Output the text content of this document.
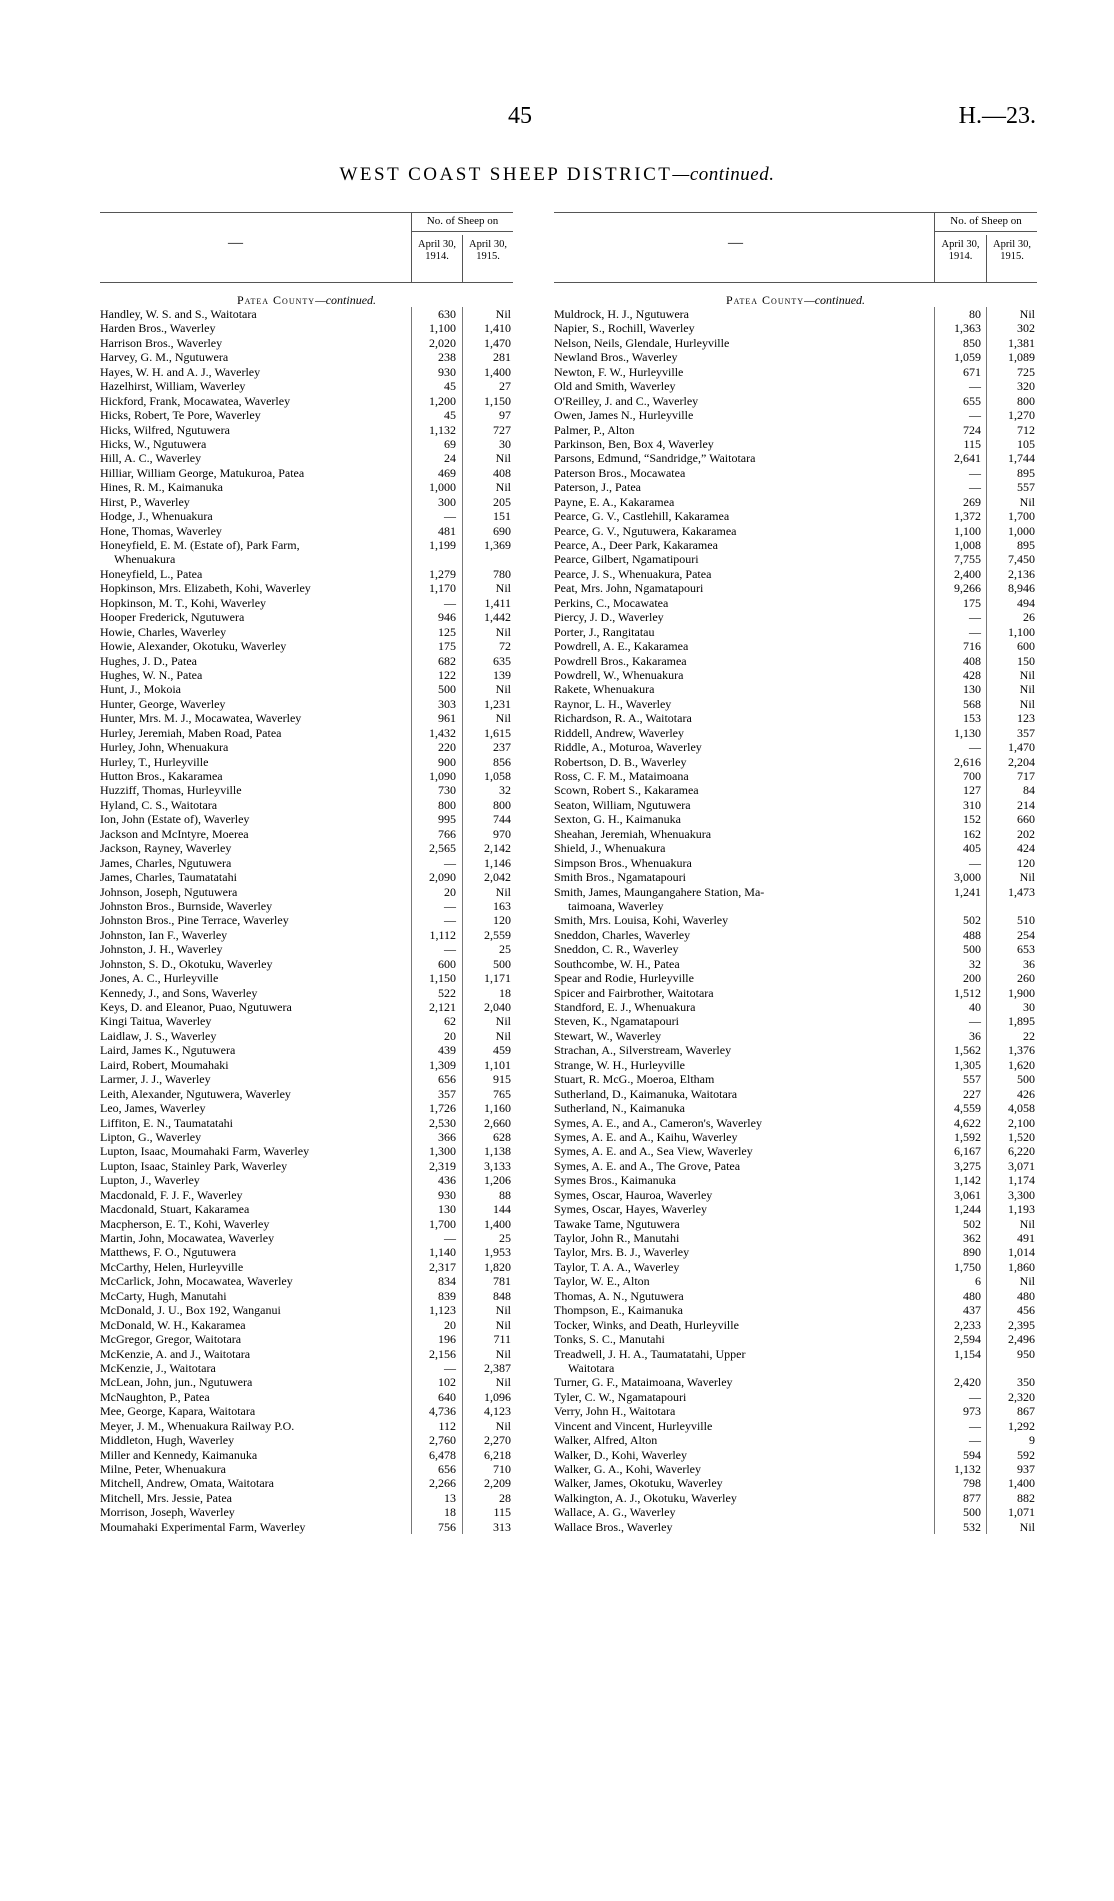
45	H.—23.
WEST COAST SHEEP DISTRICT—continued.
—
No. of Sheep on
April 30,
1914.
April 30,
1915.
Patea County—continued.
Handley, W. S. and S., Waitotara	630	Nil
Harden Bros., Waverley	1,100 1,410
Harrison Bros., Waverley	2,020 1,470
Harvey, G. M., Ngutuwera	238	281
Hayes, W. H. and A. J., Waverley	930 1,400
Hazelhirst, William, Waverley	45	27
Hickford, Frank, Mocawatea, Waverley	1,200 1,150
Hicks, Robert, Te Pore, Waverley	45	97
Hicks, Wilfred, Ngutuwera	1,132	727
Hicks, W., Ngutuwera	69	30
Hill, A. C., Waverley	24	Nil
Hilliar, William George, Matukuroa, Patea	469	408
Hines, R. M., Kaimanuka	1,000	Nil
Hirst, P., Waverley	300	205
Hodge, J., Whenuakura	—	151
Hone, Thomas, Waverley	481	690
Honeyfield, E. M. (Estate of), Park Farm,	1,199 1,369
Whenuakura
Honeyfield, L., Patea	1,279	780
Hopkinson, Mrs. Elizabeth, Kohi, Waverley	1,170	Nil
Hopkinson, M. T., Kohi, Waverley	— 1,411
Hooper Frederick, Ngutuwera	946 1,442
Howie, Charles, Waverley	125	Nil
Howie, Alexander, Okotuku, Waverley	175	72
Hughes, J. D., Patea	682	635
Hughes, W. N., Patea	122	139
Hunt, J., Mokoia	500	Nil
Hunter, George, Waverley	303 1,231
Hunter, Mrs. M. J., Mocawatea, Waverley	961	Nil
Hurley, Jeremiah, Maben Road, Patea	1,432 1,615
Hurley, John, Whenuakura	220	237
Hurley, T., Hurleyville	900	856
Hutton Bros., Kakaramea	1,090 1,058
Huzziff, Thomas, Hurleyville	730	32
Hyland, C. S., Waitotara	800	800
Ion, John (Estate of), Waverley	995	744
Jackson and McIntyre, Moerea	766	970
Jackson, Rayney, Waverley	2,565 2,142
James, Charles, Ngutuwera	— 1,146
James, Charles, Taumatatahi	2,090 2,042
Johnson, Joseph, Ngutuwera	20	Nil
Johnston Bros., Burnside, Waverley	—	163
Johnston Bros., Pine Terrace, Waverley	—	120
Johnston, Ian F., Waverley	1,112 2,559
Johnston, J. H., Waverley	—	25
Johnston, S. D., Okotuku, Waverley	600	500
Jones, A. C., Hurleyville	1,150 1,171
Kennedy, J., and Sons, Waverley	522	18
Keys, D. and Eleanor, Puao, Ngutuwera	2,121 2,040
Kingi Taitua, Waverley	62	Nil
Laidlaw, J. S., Waverley	20	Nil
Laird, James K., Ngutuwera	439	459
Laird, Robert, Moumahaki	1,309 1,101
Larmer, J. J., Waverley	656	915
Leith, Alexander, Ngutuwera, Waverley	357	765
Leo, James, Waverley	1,726 1,160
Liffiton, E. N., Taumatatahi	2,530 2,660
Lipton, G., Waverley	366	628
Lupton, Isaac, Moumahaki Farm, Waverley	1,300 1,138
Lupton, Isaac, Stainley Park, Waverley	2,319 3,133
Lupton, J., Waverley	436 1,206
Macdonald, F. J. F., Waverley	930	88
Macdonald, Stuart, Kakaramea	130	144
Macpherson, E. T., Kohi, Waverley	1,700 1,400
Martin, John, Mocawatea, Waverley	—	25
Matthews, F. O., Ngutuwera	1,140 1,953
McCarthy, Helen, Hurleyville	2,317 1,820
McCarlick, John, Mocawatea, Waverley	834	781
McCarty, Hugh, Manutahi	839	848
McDonald, J. U., Box 192, Wanganui	1,123	Nil
McDonald, W. H., Kakaramea	20	Nil
McGregor, Gregor, Waitotara	196	711
McKenzie, A. and J., Waitotara	2,156	Nil
McKenzie, J., Waitotara	— 2,387
McLean, John, jun., Ngutuwera	102	Nil
McNaughton, P., Patea	640 1,096
Mee, George, Kapara, Waitotara	4,736 4,123
Meyer, J. M., Whenuakura Railway P.O.	112	Nil
Middleton, Hugh, Waverley	2,760 2,270
Miller and Kennedy, Kaimanuka	6,478 6,218
Milne, Peter, Whenuakura	656	710
Mitchell, Andrew, Omata, Waitotara	2,266 2,209
Mitchell, Mrs. Jessie, Patea	13	28
Morrison, Joseph, Waverley	18	115
Moumahaki Experimental Farm, Waverley	756	313
—
No. of Sheep on
April 30,
1914.
April 30,
1915.
Patea County—continued.
Muldrock, H. J., Ngutuwera	80	Nil
Napier, S., Rochill, Waverley	1,363	302
Nelson, Neils, Glendale, Hurleyville	850 1,381
Newland Bros., Waverley	1,059 1,089
Newton, F. W., Hurleyville	671	725
Old and Smith, Waverley	—	320
O'Reilley, J. and C., Waverley	655	800
Owen, James N., Hurleyville	— 1,270
Palmer, P., Alton	724	712
Parkinson, Ben, Box 4, Waverley	115	105
Parsons, Edmund, “Sandridge,” Waitotara	2,641 1,744
Paterson Bros., Mocawatea	—	895
Paterson, J., Patea	—	557
Payne, E. A., Kakaramea	269	Nil
Pearce, G. V., Castlehill, Kakaramea	1,372 1,700
Pearce, G. V., Ngutuwera, Kakaramea	1,100 1,000
Pearce, A., Deer Park, Kakaramea	1,008	895
Pearce, Gilbert, Ngamatipouri	7,755 7,450
Pearce, J. S., Whenuakura, Patea	2,400 2,136
Peat, Mrs. John, Ngamatapouri	9,266 8,946
Perkins, C., Mocawatea	175	494
Piercy, J. D., Waverley	—	26
Porter, J., Rangitatau	— 1,100
Powdrell, A. E., Kakaramea	716	600
Powdrell Bros., Kakaramea	408	150
Powdrell, W., Whenuakura	428	Nil
Rakete, Whenuakura	130	Nil
Raynor, L. H., Waverley	568	Nil
Richardson, R. A., Waitotara	153	123
Riddell, Andrew, Waverley	1,130	357
Riddle, A., Moturoa, Waverley	— 1,470
Robertson, D. B., Waverley	2,616 2,204
Ross, C. F. M., Mataimoana	700	717
Scown, Robert S., Kakaramea	127	84
Seaton, William, Ngutuwera	310	214
Sexton, G. H., Kaimanuka	152	660
Sheahan, Jeremiah, Whenuakura	162	202
Shield, J., Whenuakura	405	424
Simpson Bros., Whenuakura	—	120
Smith Bros., Ngamatapouri	3,000	Nil
Smith, James, Maungangahere Station, Ma-	1,241 1,473
taimoana, Waverley
Smith, Mrs. Louisa, Kohi, Waverley	502	510
Sneddon, Charles, Waverley	488	254
Sneddon, C. R., Waverley	500	653
Southcombe, W. H., Patea	32	36
Spear and Rodie, Hurleyville	200	260
Spicer and Fairbrother, Waitotara	1,512 1,900
Standford, E. J., Whenuakura	40	30
Steven, K., Ngamatapouri	— 1,895
Stewart, W., Waverley	36	22
Strachan, A., Silverstream, Waverley	1,562 1,376
Strange, W. H., Hurleyville	1,305 1,620
Stuart, R. McG., Moeroa, Eltham	557	500
Sutherland, D., Kaimanuka, Waitotara	227	426
Sutherland, N., Kaimanuka	4,559 4,058
Symes, A. E., and A., Cameron's, Waverley	4,622 2,100
Symes, A. E. and A., Kaihu, Waverley	1,592 1,520
Symes, A. E. and A., Sea View, Waverley	6,167 6,220
Symes, A. E. and A., The Grove, Patea	3,275 3,071
Symes Bros., Kaimanuka	1,142 1,174
Symes, Oscar, Hauroa, Waverley	3,061 3,300
Symes, Oscar, Hayes, Waverley	1,244 1,193
Tawake Tame, Ngutuwera	502	Nil
Taylor, John R., Manutahi	362	491
Taylor, Mrs. B. J., Waverley	890 1,014
Taylor, T. A. A., Waverley	1,750 1,860
Taylor, W. E., Alton	6	Nil
Thomas, A. N., Ngutuwera	480	480
Thompson, E., Kaimanuka	437	456
Tocker, Winks, and Death, Hurleyville	2,233 2,395
Tonks, S. C., Manutahi	2,594 2,496
Treadwell, J. H. A., Taumatatahi, Upper	1,154	950
Waitotara
Turner, G. F., Mataimoana, Waverley	2,420	350
Tyler, C. W., Ngamatapouri	— 2,320
Verry, John H., Waitotara	973	867
Vincent and Vincent, Hurleyville	— 1,292
Walker, Alfred, Alton	—	9
Walker, D., Kohi, Waverley	594	592
Walker, G. A., Kohi, Waverley	1,132	937
Walker, James, Okotuku, Waverley	798 1,400
Walkington, A. J., Okotuku, Waverley	877	882
Wallace, A. G., Waverley	500 1,071
Wallace Bros., Waverley	532	Nil
